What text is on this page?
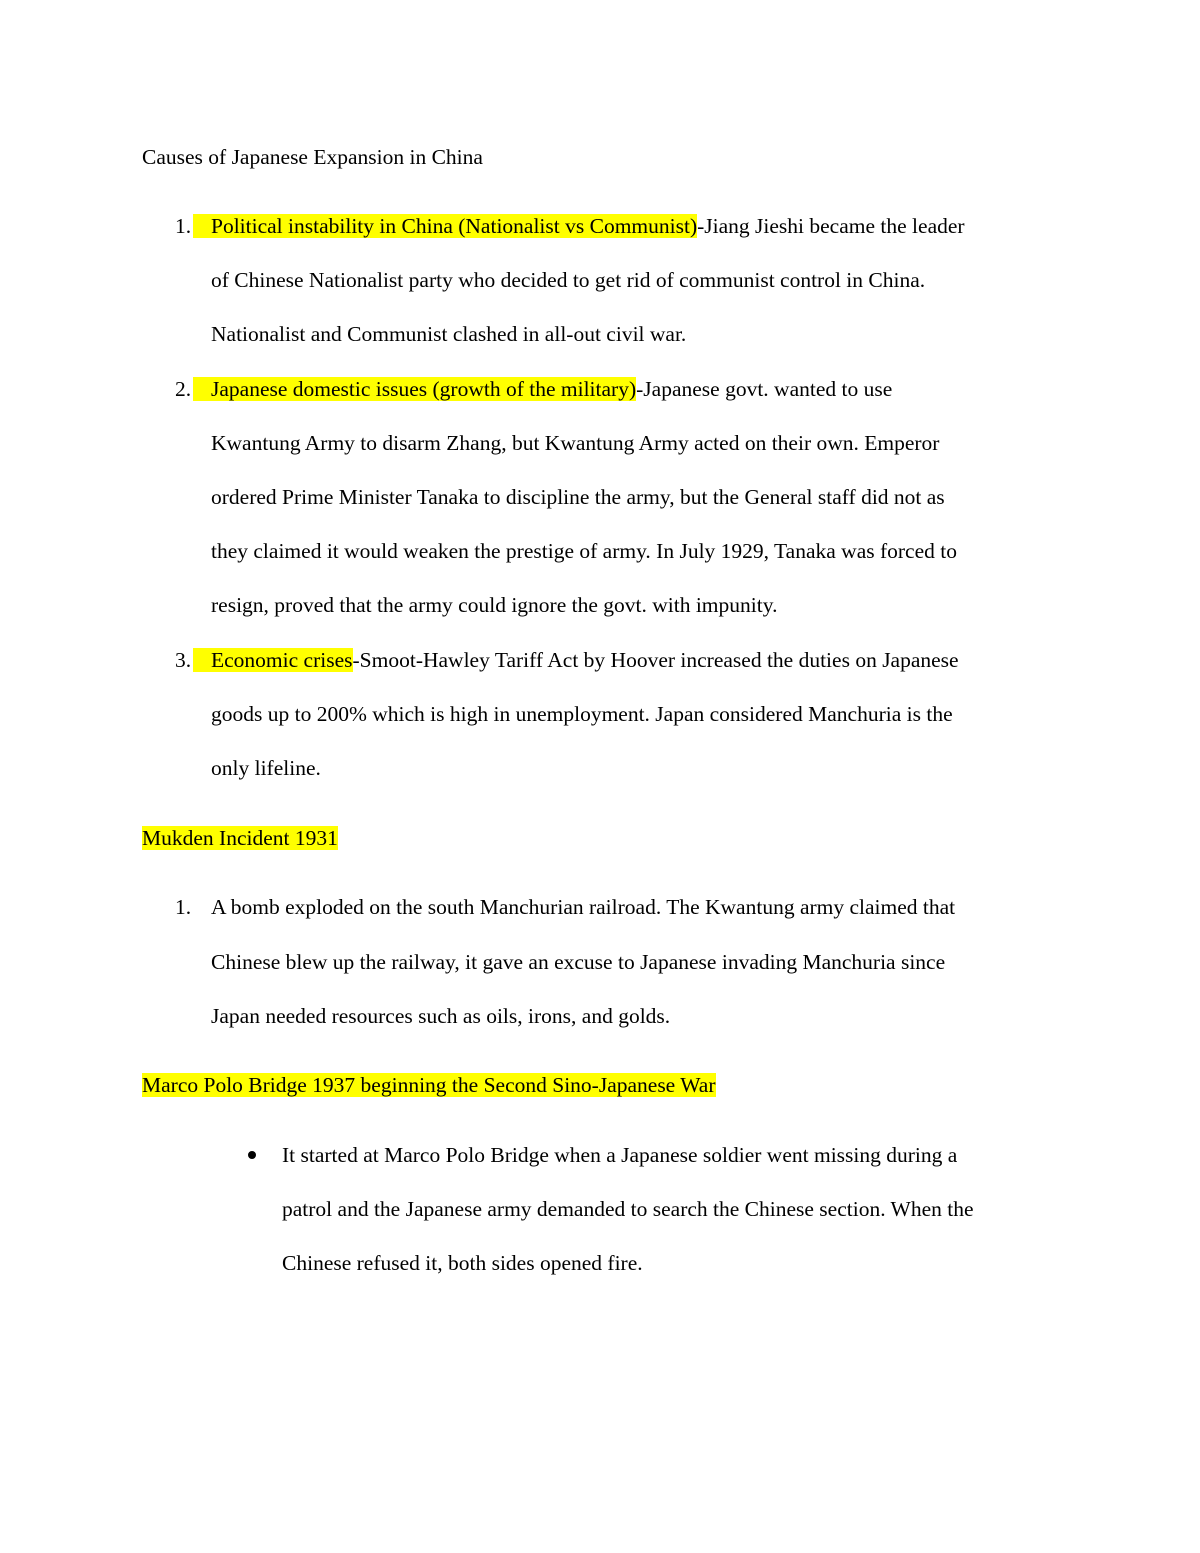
Causes of Japanese Expansion in China
1. Political instability in China (Nationalist vs Communist)-Jiang Jieshi became the leader
of Chinese Nationalist party who decided to get rid of communist control in China.
Nationalist and Communist clashed in all-out civil war.
2. Japanese domestic issues (growth of the military)-Japanese govt. wanted to use
Kwantung Army to disarm Zhang, but Kwantung Army acted on their own. Emperor
ordered Prime Minister Tanaka to discipline the army, but the General staff did not as
they claimed it would weaken the prestige of army. In July 1929, Tanaka was forced to
resign, proved that the army could ignore the govt. with impunity.
3. Economic crises-Smoot-Hawley Tariff Act by Hoover increased the duties on Japanese
goods up to 200% which is high in unemployment. Japan considered Manchuria is the
only lifeline.
Mukden Incident 1931
1. A bomb exploded on the south Manchurian railroad. The Kwantung army claimed that
Chinese blew up the railway, it gave an excuse to Japanese invading Manchuria since
Japan needed resources such as oils, irons, and golds.
Marco Polo Bridge 1937 beginning the Second Sino-Japanese War
It started at Marco Polo Bridge when a Japanese soldier went missing during a
patrol and the Japanese army demanded to search the Chinese section. When the
Chinese refused it, both sides opened fire.
